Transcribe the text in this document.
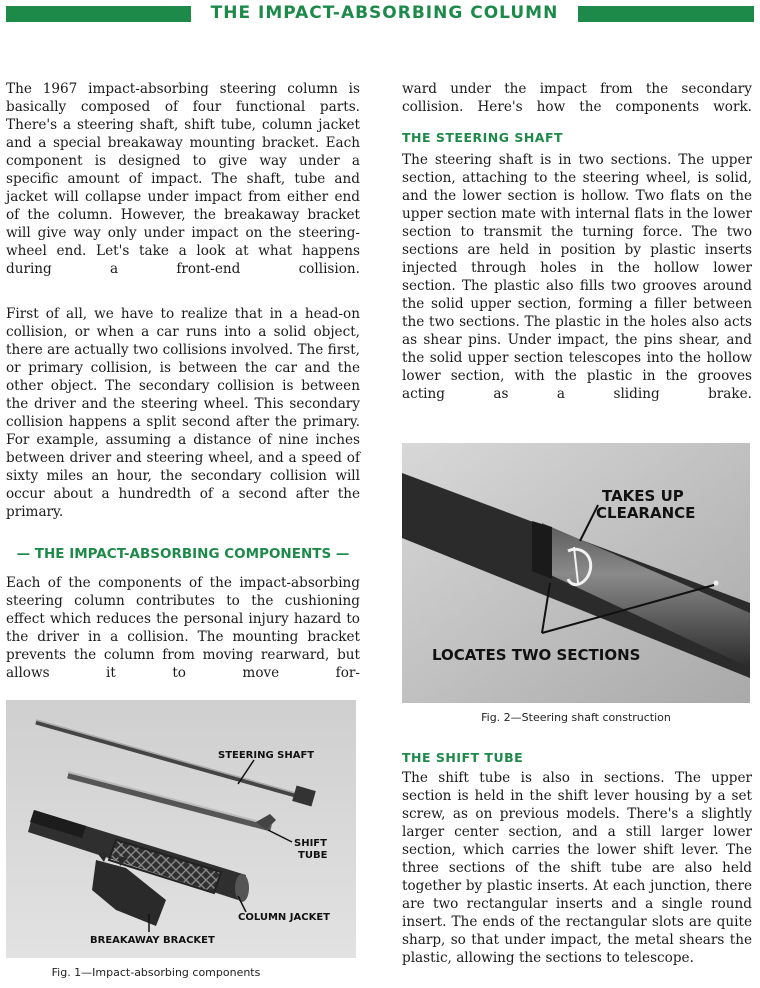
THE IMPACT-ABSORBING COLUMN
The 1967 impact-absorbing steering column is basically composed of four functional parts. There's a steering shaft, shift tube, column jacket and a special breakaway mounting bracket. Each component is designed to give way under a specific amount of impact. The shaft, tube and jacket will collapse under impact from either end of the column. However, the breakaway bracket will give way only under impact on the steering-wheel end. Let's take a look at what happens during a front-end collision.
First of all, we have to realize that in a head-on collision, or when a car runs into a solid object, there are actually two collisions involved. The first, or primary collision, is between the car and the other object. The secondary collision is between the driver and the steering wheel. This secondary collision happens a split second after the primary. For example, assuming a distance of nine inches between driver and steering wheel, and a speed of sixty miles an hour, the secondary collision will occur about a hundredth of a second after the primary.
— THE IMPACT-ABSORBING COMPONENTS —
Each of the components of the impact-absorbing steering column contributes to the cushioning effect which reduces the personal injury hazard to the driver in a collision. The mounting bracket prevents the column from moving rearward, but allows it to move for-
STEERING SHAFT
SHIFT
TUBE
COLUMN JACKET
BREAKAWAY BRACKET
Fig. 1—Impact-absorbing components
ward under the impact from the secondary collision. Here's how the components work.
THE STEERING SHAFT
The steering shaft is in two sections. The upper section, attaching to the steering wheel, is solid, and the lower section is hollow. Two flats on the upper section mate with internal flats in the lower section to transmit the turning force. The two sections are held in position by plastic inserts injected through holes in the hollow lower section. The plastic also fills two grooves around the solid upper section, forming a filler between the two sections. The plastic in the holes also acts as shear pins. Under impact, the pins shear, and the solid upper section telescopes into the hollow lower section, with the plastic in the grooves acting as a sliding brake.
TAKES UP
CLEARANCE
LOCATES TWO SECTIONS
Fig. 2—Steering shaft construction
THE SHIFT TUBE
The shift tube is also in sections. The upper section is held in the shift lever housing by a set screw, as on previous models. There's a slightly larger center section, and a still larger lower section, which carries the lower shift lever. The three sections of the shift tube are also held together by plastic inserts. At each junction, there are two rectangular inserts and a single round insert. The ends of the rectangular slots are quite sharp, so that under impact, the metal shears the plastic, allowing the sections to telescope.
